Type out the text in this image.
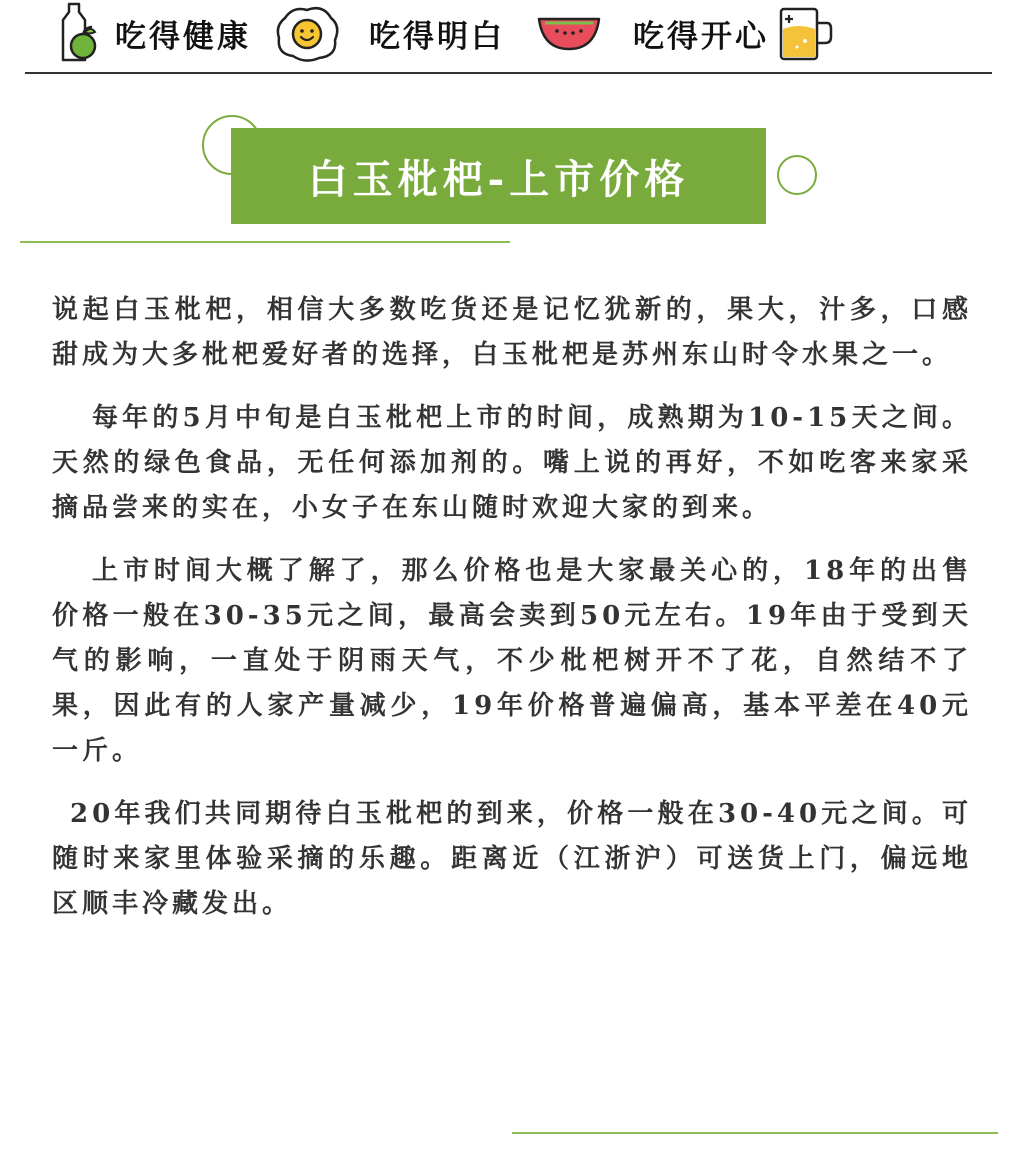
吃得健康	吃得明白	吃得开心
白玉枇杷-上市价格

说起白玉枇杷，相信大多数吃货还是记忆犹新的，果大，汁多，口感甜成为大多枇杷爱好者的选择，白玉枇杷是苏州东山时令水果之一。

每年的5月中旬是白玉枇杷上市的时间，成熟期为10-15天之间。天然的绿色食品，无任何添加剂的。嘴上说的再好，不如吃客来家采摘品尝来的实在，小女子在东山随时欢迎大家的到来。

上市时间大概了解了，那么价格也是大家最关心的，18年的出售价格一般在30-35元之间，最高会卖到50元左右。19年由于受到天气的影响，一直处于阴雨天气，不少枇杷树开不了花，自然结不了果，因此有的人家产量减少，19年价格普遍偏高，基本平差在40元一斤。

20年我们共同期待白玉枇杷的到来，价格一般在30-40元之间。可随时来家里体验采摘的乐趣。距离近（江浙沪）可送货上门，偏远地区顺丰冷藏发出。
